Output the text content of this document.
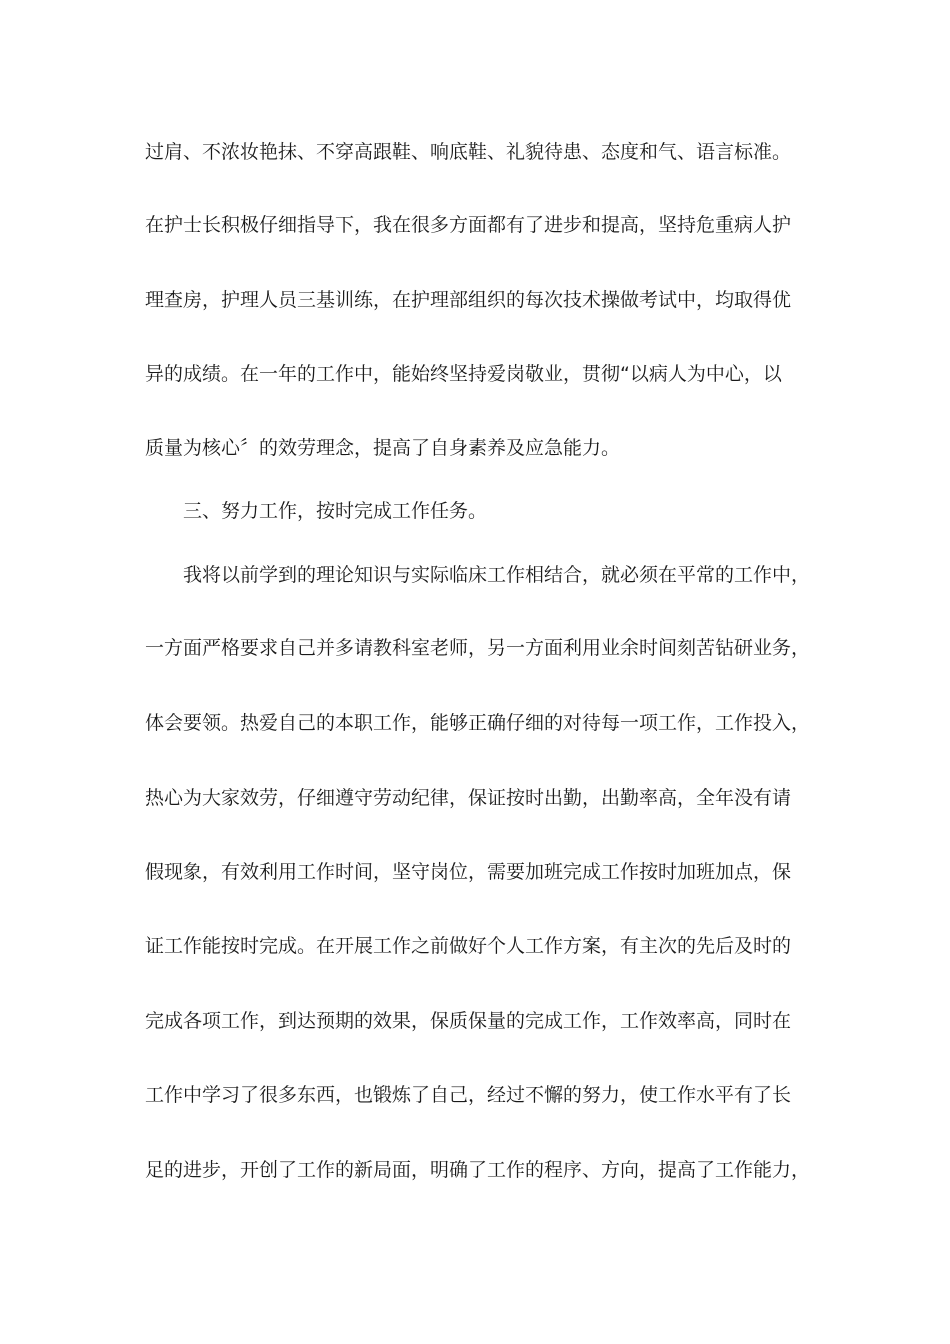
过肩、不浓妆艳抹、不穿高跟鞋、响底鞋、礼貌待患、态度和气、语言标准。
在护士长积极仔细指导下，我在很多方面都有了进步和提高，坚持危重病人护
理查房，护理人员三基训练，在护理部组织的每次技术操做考试中，均取得优
异的成绩。在一年的工作中，能始终坚持爱岗敬业，贯彻“以病人为中心，以
质量为核心〞的效劳理念，提高了自身素养及应急能力。
三、努力工作，按时完成工作任务。
我将以前学到的理论知识与实际临床工作相结合，就必须在平常的工作中，
一方面严格要求自己并多请教科室老师，另一方面利用业余时间刻苦钻研业务，
体会要领。热爱自己的本职工作，能够正确仔细的对待每一项工作，工作投入，
热心为大家效劳，仔细遵守劳动纪律，保证按时出勤，出勤率高，全年没有请
假现象，有效利用工作时间，坚守岗位，需要加班完成工作按时加班加点，保
证工作能按时完成。在开展工作之前做好个人工作方案，有主次的先后及时的
完成各项工作，到达预期的效果，保质保量的完成工作，工作效率高，同时在
工作中学习了很多东西，也锻炼了自己，经过不懈的努力，使工作水平有了长
足的进步，开创了工作的新局面，明确了工作的程序、方向，提高了工作能力，
